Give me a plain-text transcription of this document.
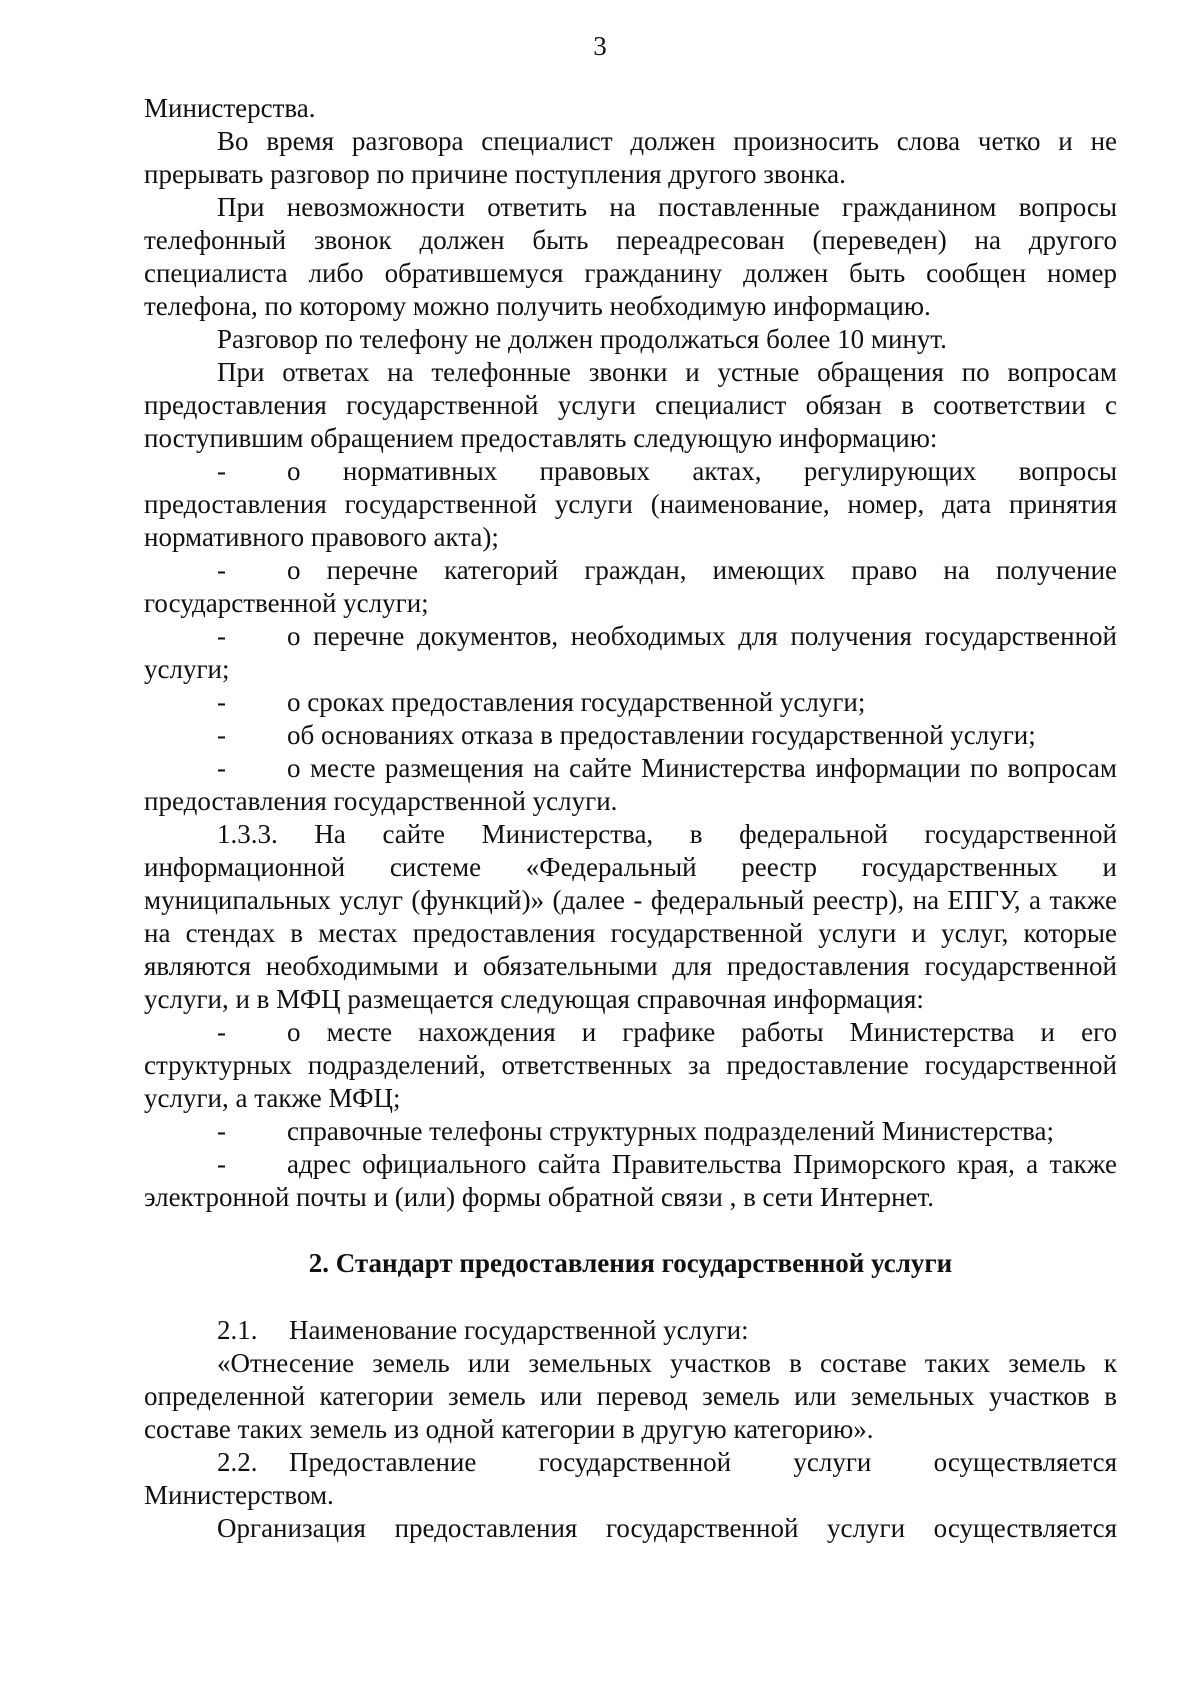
3

Министерства.

Во время разговора специалист должен произносить слова четко и не прерывать разговор по причине поступления другого звонка.

При невозможности ответить на поставленные гражданином вопросы телефонный звонок должен быть переадресован (переведен) на другого специалиста либо обратившемуся гражданину должен быть сообщен номер телефона, по которому можно получить необходимую информацию.

Разговор по телефону не должен продолжаться более 10 минут.

При ответах на телефонные звонки и устные обращения по вопросам предоставления государственной услуги специалист обязан в соответствии с поступившим обращением предоставлять следующую информацию:

- о нормативных правовых актах, регулирующих вопросы предоставления государственной услуги (наименование, номер, дата принятия нормативного правового акта);

- о перечне категорий граждан, имеющих право на получение государственной услуги;

- о перечне документов, необходимых для получения государственной услуги;

- о сроках предоставления государственной услуги;

- об основаниях отказа в предоставлении государственной услуги;

- о месте размещения на сайте Министерства информации по вопросам предоставления государственной услуги.

1.3.3. На сайте Министерства, в федеральной государственной информационной системе «Федеральный реестр государственных и муниципальных услуг (функций)» (далее - федеральный реестр), на ЕПГУ, а также на стендах в местах предоставления государственной услуги и услуг, которые являются необходимыми и обязательными для предоставления государственной услуги, и в МФЦ размещается следующая справочная информация:

- о месте нахождения и графике работы Министерства и его структурных подразделений, ответственных за предоставление государственной услуги, а также МФЦ;

- справочные телефоны структурных подразделений Министерства;

- адрес официального сайта Правительства Приморского края, а также электронной почты и (или) формы обратной связи , в сети Интернет.

2. Стандарт предоставления государственной услуги

2.1. Наименование государственной услуги:

«Отнесение земель или земельных участков в составе таких земель к определенной категории земель или перевод земель или земельных участков в составе таких земель из одной категории в другую категорию».

2.2. Предоставление государственной услуги осуществляется Министерством.

Организация предоставления государственной услуги осуществляется
